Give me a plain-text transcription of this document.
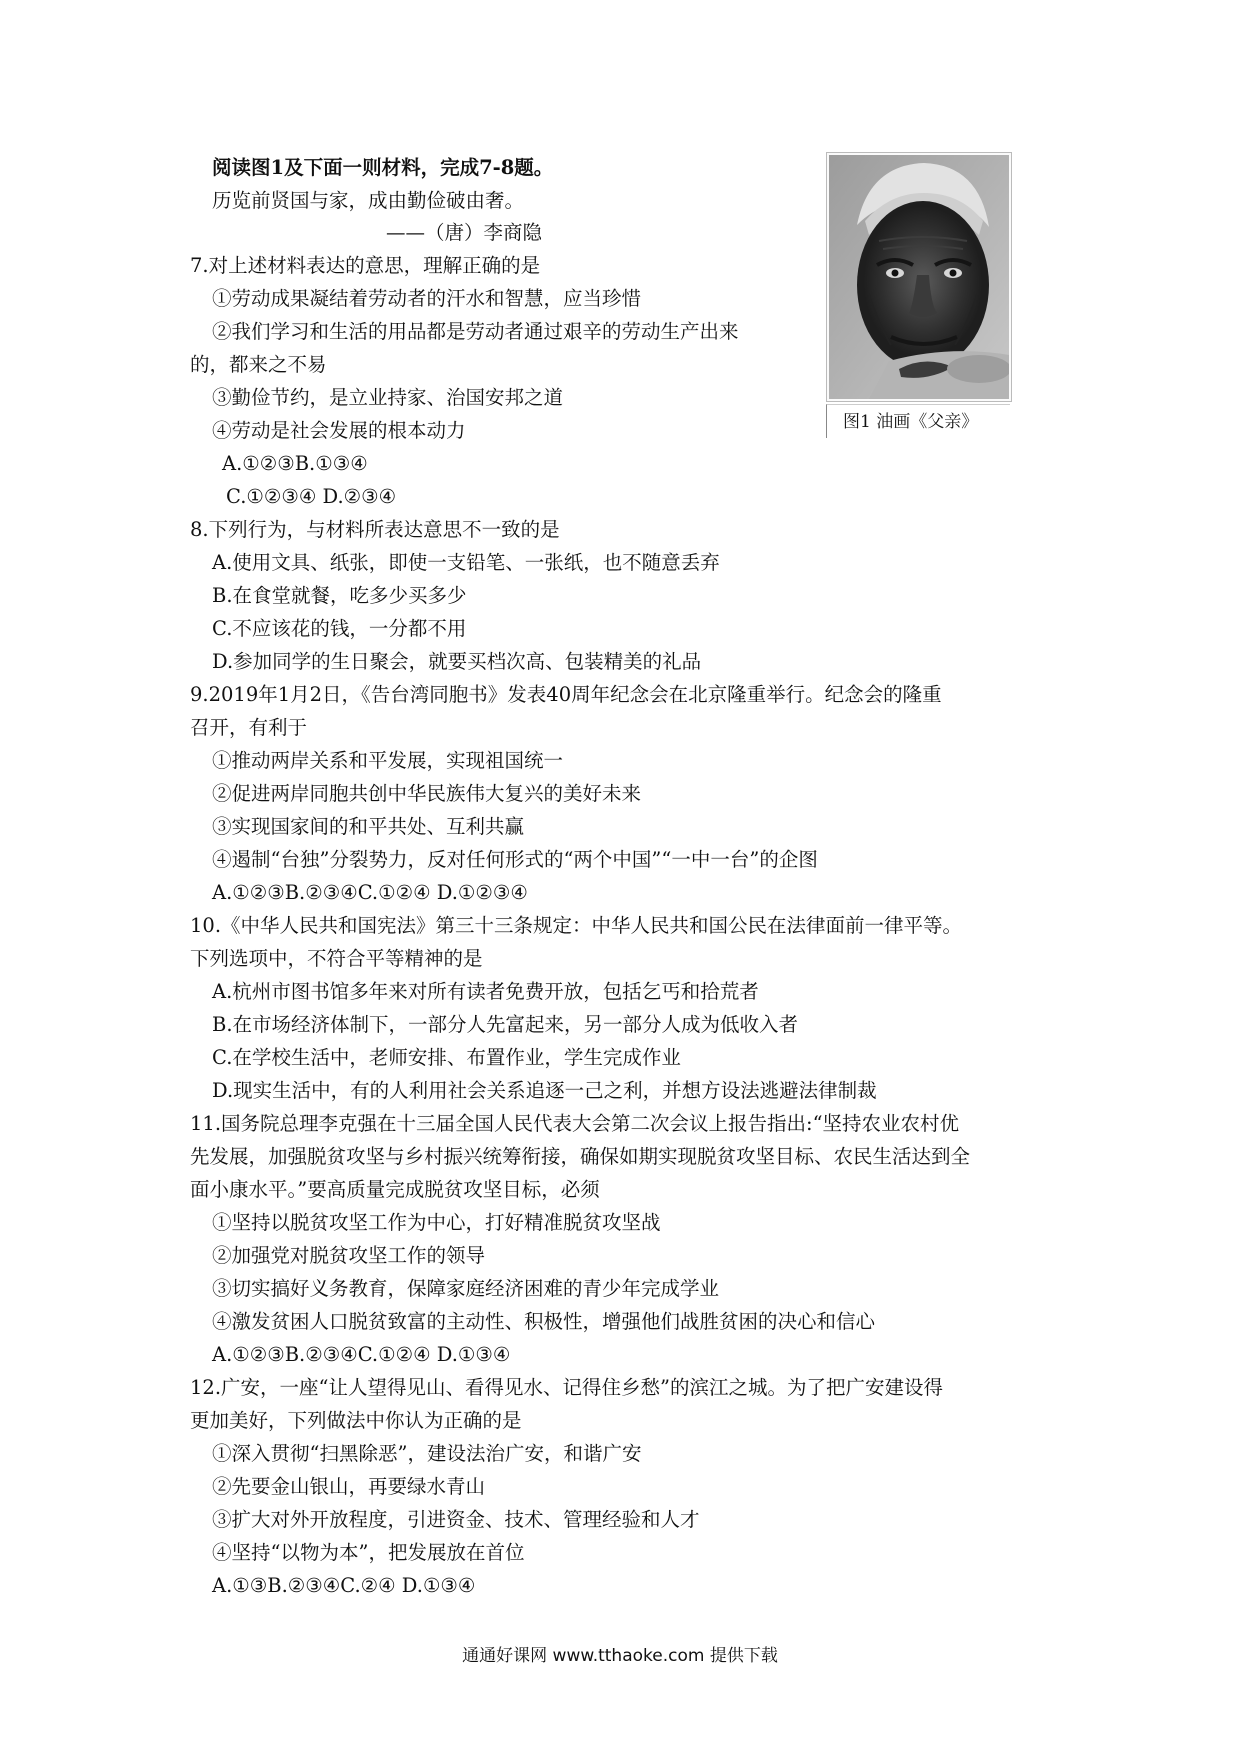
阅读图1及下面一则材料，完成7-8题。
历览前贤国与家，成由勤俭破由奢。
——（唐）李商隐
图1 油画《父亲》
7.对上述材料表达的意思，理解正确的是
①劳动成果凝结着劳动者的汗水和智慧，应当珍惜
②我们学习和生活的用品都是劳动者通过艰辛的劳动生产出来
的，都来之不易
③勤俭节约，是立业持家、治国安邦之道
④劳动是社会发展的根本动力
A.①②③B.①③④
C.①②③④ D.②③④
8.下列行为，与材料所表达意思不一致的是
A.使用文具、纸张，即使一支铅笔、一张纸，也不随意丢弃
B.在食堂就餐，吃多少买多少
C.不应该花的钱，一分都不用
D.参加同学的生日聚会，就要买档次高、包装精美的礼品
9.2019年1月2日，《告台湾同胞书》发表40周年纪念会在北京隆重举行。纪念会的隆重
召开，有利于
①推动两岸关系和平发展，实现祖国统一
②促进两岸同胞共创中华民族伟大复兴的美好未来
③实现国家间的和平共处、互利共赢
④遏制“台独”分裂势力，反对任何形式的“两个中国”“一中一台”的企图
A.①②③B.②③④C.①②④ D.①②③④
10.《中华人民共和国宪法》第三十三条规定：中华人民共和国公民在法律面前一律平等。
下列选项中，不符合平等精神的是
A.杭州市图书馆多年来对所有读者免费开放，包括乞丐和拾荒者
B.在市场经济体制下，一部分人先富起来，另一部分人成为低收入者
C.在学校生活中，老师安排、布置作业，学生完成作业
D.现实生活中，有的人利用社会关系追逐一己之利，并想方设法逃避法律制裁
11.国务院总理李克强在十三届全国人民代表大会第二次会议上报告指出:“坚持农业农村优
先发展，加强脱贫攻坚与乡村振兴统筹衔接，确保如期实现脱贫攻坚目标、农民生活达到全
面小康水平。”要高质量完成脱贫攻坚目标，必须
①坚持以脱贫攻坚工作为中心，打好精准脱贫攻坚战
②加强党对脱贫攻坚工作的领导
③切实搞好义务教育，保障家庭经济困难的青少年完成学业
④激发贫困人口脱贫致富的主动性、积极性，增强他们战胜贫困的决心和信心
A.①②③B.②③④C.①②④ D.①③④
12.广安，一座“让人望得见山、看得见水、记得住乡愁”的滨江之城。为了把广安建设得
更加美好，下列做法中你认为正确的是
①深入贯彻“扫黑除恶”，建设法治广安，和谐广安
②先要金山银山，再要绿水青山
③扩大对外开放程度，引进资金、技术、管理经验和人才
④坚持“以物为本”，把发展放在首位
A.①③B.②③④C.②④ D.①③④
通通好课网 www.tthaoke.com 提供下载
